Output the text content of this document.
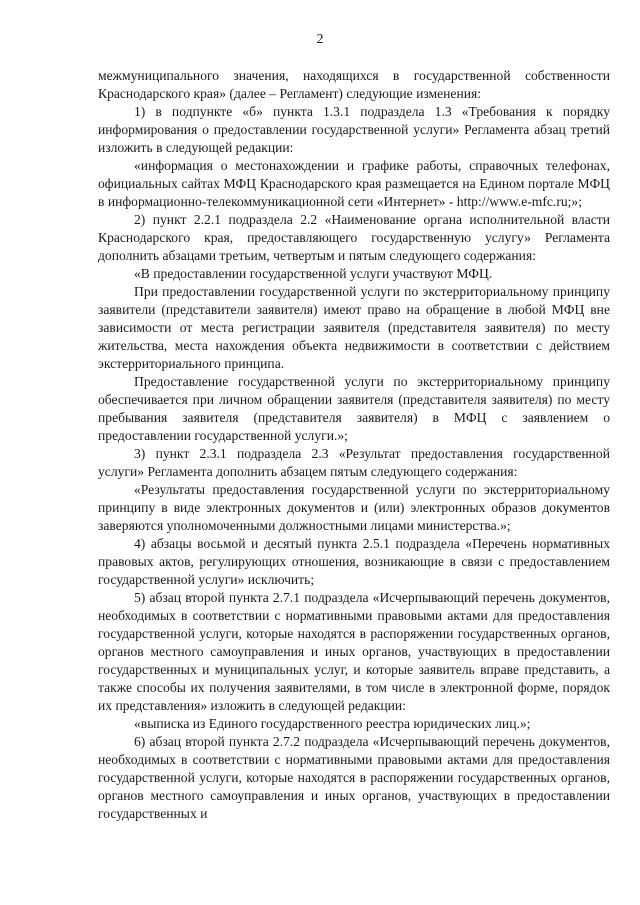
2

межмуниципального значения, находящихся в государственной собственности Краснодарского края» (далее – Регламент) следующие изменения:

1) в подпункте «б» пункта 1.3.1 подраздела 1.3 «Требования к порядку информирования о предоставлении государственной услуги» Регламента абзац третий изложить в следующей редакции:

«информация о местонахождении и графике работы, справочных телефонах, официальных сайтах МФЦ Краснодарского края размещается на Едином портале МФЦ в информационно-телекоммуникационной сети «Интернет» - http://www.e-mfc.ru;»;

2) пункт 2.2.1 подраздела 2.2 «Наименование органа исполнительной власти Краснодарского края, предоставляющего государственную услугу» Регламента дополнить абзацами третьим, четвертым и пятым следующего содержания:

«В предоставлении государственной услуги участвуют МФЦ.

При предоставлении государственной услуги по экстерриториальному принципу заявители (представители заявителя) имеют право на обращение в любой МФЦ вне зависимости от места регистрации заявителя (представителя заявителя) по месту жительства, места нахождения объекта недвижимости в соответствии с действием экстерриториального принципа.

Предоставление государственной услуги по экстерриториальному принципу обеспечивается при личном обращении заявителя (представителя заявителя) по месту пребывания заявителя (представителя заявителя) в МФЦ с заявлением о предоставлении государственной услуги.»;

3) пункт 2.3.1 подраздела 2.3 «Результат предоставления государственной услуги» Регламента дополнить абзацем пятым следующего содержания:

«Результаты предоставления государственной услуги по экстерриториальному принципу в виде электронных документов и (или) электронных образов документов заверяются уполномоченными должностными лицами министерства.»;

4) абзацы восьмой и десятый пункта 2.5.1 подраздела «Перечень нормативных правовых актов, регулирующих отношения, возникающие в связи с предоставлением государственной услуги» исключить;

5) абзац второй пункта 2.7.1 подраздела «Исчерпывающий перечень документов, необходимых в соответствии с нормативными правовыми актами для предоставления государственной услуги, которые находятся в распоряжении государственных органов, органов местного самоуправления и иных органов, участвующих в предоставлении государственных и муниципальных услуг, и которые заявитель вправе представить, а также способы их получения заявителями, в том числе в электронной форме, порядок их представления» изложить в следующей редакции:

«выписка из Единого государственного реестра юридических лиц.»;

6) абзац второй пункта 2.7.2 подраздела «Исчерпывающий перечень документов, необходимых в соответствии с нормативными правовыми актами для предоставления государственной услуги, которые находятся в распоряжении государственных органов, органов местного самоуправления и иных органов, участвующих в предоставлении государственных и
